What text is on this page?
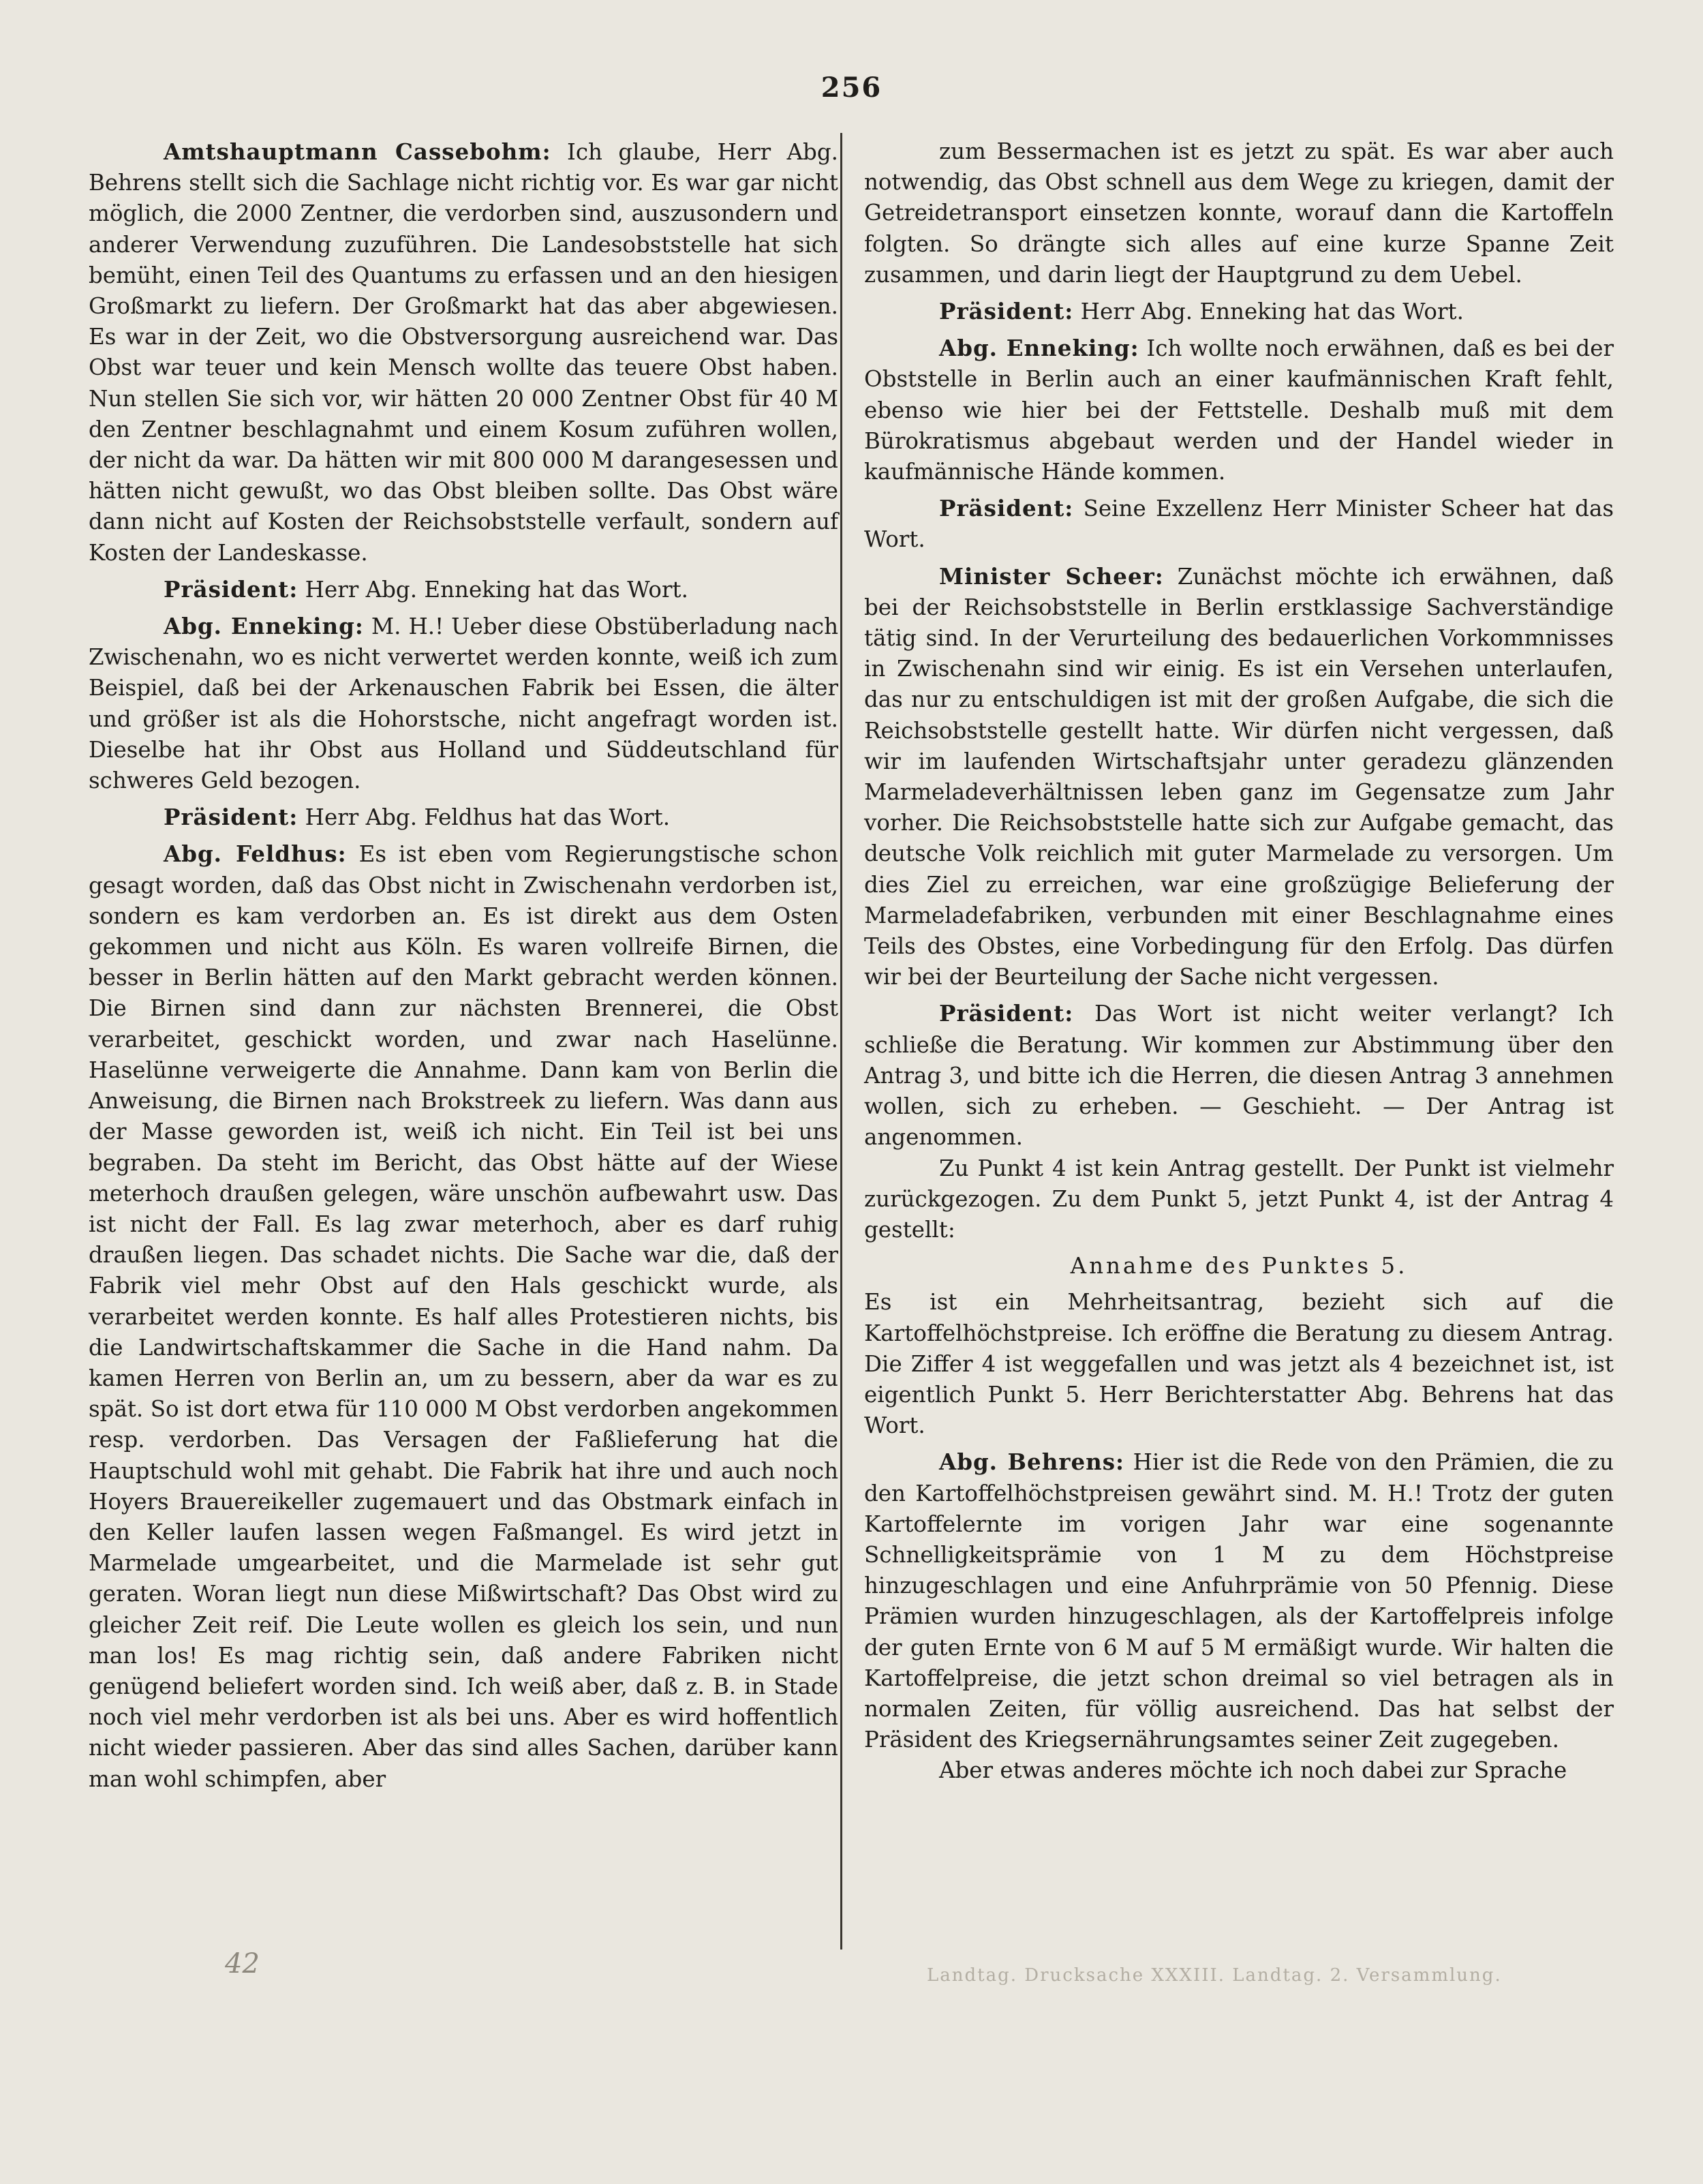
256

Amtshauptmann Cassebohm: Ich glaube, Herr Abg. Behrens stellt sich die Sachlage nicht richtig vor. Es war gar nicht möglich, die 2000 Zentner, die verdorben sind, auszusondern und anderer Verwendung zuzuführen. Die Landesobststelle hat sich bemüht, einen Teil des Quantums zu erfassen und an den hiesigen Großmarkt zu liefern. Der Großmarkt hat das aber abgewiesen. Es war in der Zeit, wo die Obstversorgung ausreichend war. Das Obst war teuer und kein Mensch wollte das teuere Obst haben. Nun stellen Sie sich vor, wir hätten 20 000 Zentner Obst für 40 M den Zentner beschlagnahmt und einem Kosum zuführen wollen, der nicht da war. Da hätten wir mit 800 000 M darangesessen und hätten nicht gewußt, wo das Obst bleiben sollte. Das Obst wäre dann nicht auf Kosten der Reichsobststelle verfault, sondern auf Kosten der Landeskasse.

Präsident: Herr Abg. Enneking hat das Wort.

Abg. Enneking: M. H.! Ueber diese Obstüberladung nach Zwischenahn, wo es nicht verwertet werden konnte, weiß ich zum Beispiel, daß bei der Arkenauschen Fabrik bei Essen, die älter und größer ist als die Hohorstsche, nicht angefragt worden ist. Dieselbe hat ihr Obst aus Holland und Süddeutschland für schweres Geld bezogen.

Präsident: Herr Abg. Feldhus hat das Wort.

Abg. Feldhus: Es ist eben vom Regierungstische schon gesagt worden, daß das Obst nicht in Zwischenahn verdorben ist, sondern es kam verdorben an. Es ist direkt aus dem Osten gekommen und nicht aus Köln. Es waren vollreife Birnen, die besser in Berlin hätten auf den Markt gebracht werden können. Die Birnen sind dann zur nächsten Brennerei, die Obst verarbeitet, geschickt worden, und zwar nach Haselünne. Haselünne verweigerte die Annahme. Dann kam von Berlin die Anweisung, die Birnen nach Brokstreek zu liefern. Was dann aus der Masse geworden ist, weiß ich nicht. Ein Teil ist bei uns begraben. Da steht im Bericht, das Obst hätte auf der Wiese meterhoch draußen gelegen, wäre unschön aufbewahrt usw. Das ist nicht der Fall. Es lag zwar meterhoch, aber es darf ruhig draußen liegen. Das schadet nichts. Die Sache war die, daß der Fabrik viel mehr Obst auf den Hals geschickt wurde, als verarbeitet werden konnte. Es half alles Protestieren nichts, bis die Landwirtschaftskammer die Sache in die Hand nahm. Da kamen Herren von Berlin an, um zu bessern, aber da war es zu spät. So ist dort etwa für 110 000 M Obst verdorben angekommen resp. verdorben. Das Versagen der Faßlieferung hat die Hauptschuld wohl mit gehabt. Die Fabrik hat ihre und auch noch Hoyers Brauereikeller zugemauert und das Obstmark einfach in den Keller laufen lassen wegen Faßmangel. Es wird jetzt in Marmelade umgearbeitet, und die Marmelade ist sehr gut geraten. Woran liegt nun diese Mißwirtschaft? Das Obst wird zu gleicher Zeit reif. Die Leute wollen es gleich los sein, und nun man los! Es mag richtig sein, daß andere Fabriken nicht genügend beliefert worden sind. Ich weiß aber, daß z. B. in Stade noch viel mehr verdorben ist als bei uns. Aber es wird hoffentlich nicht wieder passieren. Aber das sind alles Sachen, darüber kann man wohl schimpfen, aber

zum Bessermachen ist es jetzt zu spät. Es war aber auch notwendig, das Obst schnell aus dem Wege zu kriegen, damit der Getreidetransport einsetzen konnte, worauf dann die Kartoffeln folgten. So drängte sich alles auf eine kurze Spanne Zeit zusammen, und darin liegt der Hauptgrund zu dem Uebel.

Präsident: Herr Abg. Enneking hat das Wort.

Abg. Enneking: Ich wollte noch erwähnen, daß es bei der Obststelle in Berlin auch an einer kaufmännischen Kraft fehlt, ebenso wie hier bei der Fettstelle. Deshalb muß mit dem Bürokratismus abgebaut werden und der Handel wieder in kaufmännische Hände kommen.

Präsident: Seine Exzellenz Herr Minister Scheer hat das Wort.

Minister Scheer: Zunächst möchte ich erwähnen, daß bei der Reichsobststelle in Berlin erstklassige Sachverständige tätig sind. In der Verurteilung des bedauerlichen Vorkommnisses in Zwischenahn sind wir einig. Es ist ein Versehen unterlaufen, das nur zu entschuldigen ist mit der großen Aufgabe, die sich die Reichsobststelle gestellt hatte. Wir dürfen nicht vergessen, daß wir im laufenden Wirtschaftsjahr unter geradezu glänzenden Marmeladeverhältnissen leben ganz im Gegensatze zum Jahr vorher. Die Reichsobststelle hatte sich zur Aufgabe gemacht, das deutsche Volk reichlich mit guter Marmelade zu versorgen. Um dies Ziel zu erreichen, war eine großzügige Belieferung der Marmeladefabriken, verbunden mit einer Beschlagnahme eines Teils des Obstes, eine Vorbedingung für den Erfolg. Das dürfen wir bei der Beurteilung der Sache nicht vergessen.

Präsident: Das Wort ist nicht weiter verlangt? Ich schließe die Beratung. Wir kommen zur Abstimmung über den Antrag 3, und bitte ich die Herren, die diesen Antrag 3 annehmen wollen, sich zu erheben. — Geschieht. — Der Antrag ist angenommen.

Zu Punkt 4 ist kein Antrag gestellt. Der Punkt ist vielmehr zurückgezogen. Zu dem Punkt 5, jetzt Punkt 4, ist der Antrag 4 gestellt:

Annahme des Punktes 5.

Es ist ein Mehrheitsantrag, bezieht sich auf die Kartoffelhöchstpreise. Ich eröffne die Beratung zu diesem Antrag. Die Ziffer 4 ist weggefallen und was jetzt als 4 bezeichnet ist, ist eigentlich Punkt 5. Herr Berichterstatter Abg. Behrens hat das Wort.

Abg. Behrens: Hier ist die Rede von den Prämien, die zu den Kartoffelhöchstpreisen gewährt sind. M. H.! Trotz der guten Kartoffelernte im vorigen Jahr war eine sogenannte Schnelligkeitsprämie von 1 M zu dem Höchstpreise hinzugeschlagen und eine Anfuhrprämie von 50 Pfennig. Diese Prämien wurden hinzugeschlagen, als der Kartoffelpreis infolge der guten Ernte von 6 M auf 5 M ermäßigt wurde. Wir halten die Kartoffelpreise, die jetzt schon dreimal so viel betragen als in normalen Zeiten, für völlig ausreichend. Das hat selbst der Präsident des Kriegsernährungsamtes seiner Zeit zugegeben.

Aber etwas anderes möchte ich noch dabei zur Sprache

42	Landtag. Drucksache XXXIII. Landtag. 2. Versammlung.
